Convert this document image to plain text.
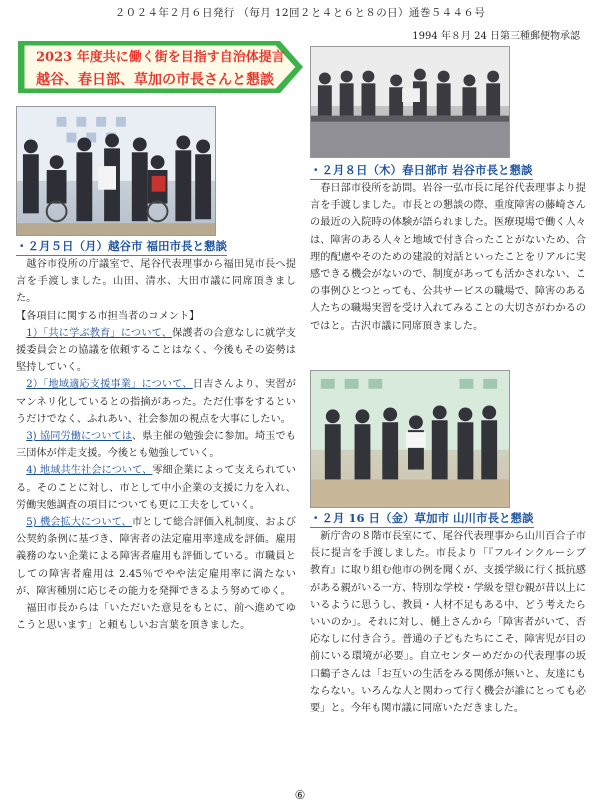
２０２４年２月６日発行 （毎月 12回２と４と６と８の日）通巻５４４６号
1994 年８月 24 日第三種郵便物承認
2023 年度共に働く街を目指す自治体提言
越谷、春日部、草加の市長さんと懇談
・２月５日（月）越谷市 福田市長と懇談

越谷市役所の庁議室で、尾谷代表理事から福田晃市長へ提言を手渡しました。山田、清水、大田市議に同席頂きました。

【各項目に関する市担当者のコメント】

1）「共に学ぶ教育」について、保護者の合意なしに就学支援委員会との協議を依頼することはなく、今後もその姿勢は堅持していく。

2）「地域適応支援事業」について、日吉さんより、実習がマンネリ化しているとの指摘があった。ただ仕事をするというだけでなく、ふれあい、社会参加の視点を大事にしたい。

3) 協同労働については、県主催の勉強会に参加。埼玉でも三団体が伴走支援。今後とも勉強していく。

4) 地域共生社会について、零細企業によって支えられている。そのことに対し、市として中小企業の支援に力を入れ、労働実態調査の項目についても更に工夫をしていく。

5) 機会拡大について、市として総合評価入札制度、および公契約条例に基づき、障害者の法定雇用率達成を評価。雇用義務のない企業による障害者雇用も評価している。市職員としての障害者雇用は 2.45％でやや法定雇用率に満たないが、障害種別に応じその能力を発揮できるよう努めてゆく。

福田市長からは「いただいた意見をもとに、前へ進めてゆこうと思います」と頼もしいお言葉を頂きました。

・２月８日（木）春日部市 岩谷市長と懇談

春日部市役所を訪問。岩谷一弘市長に尾谷代表理事より提言を手渡しました。市長との懇談の際、重度障害の藤崎さんの最近の入院時の体験が語られました。医療現場で働く人々は、障害のある人々と地域で付き合ったことがないため、合理的配慮やそのための建設的対話といったことをリアルに実感できる機会がないので、制度があっても活かされない、この事例ひとつとっても、公共サービスの職場で、障害のある人たちの職場実習を受け入れてみることの大切さがわかるのではと。古沢市議に同席頂きました。

・２月 16 日（金）草加市 山川市長と懇談

新庁舎の８階市長室にて、尾谷代表理事から山川百合子市長に提言を手渡しました。市長より「『フルインクルーシブ教育』に取り組む他市の例を聞くが、支援学級に行く抵抗感がある親がいる一方、特別な学校・学級を望む親が昔以上にいるように思うし、教員・人材不足もある中、どう考えたらいいのか」。それに対し、樋上さんから「障害者がいて、否応なしに付き合う。普通の子どもたちにこそ、障害児が目の前にいる環境が必要」。自立センターめだかの代表理事の坂口鶴子さんは「お互いの生活をみる関係が無いと、友達にもならない。いろんな人と関わって行く機会が誰にとっても必要」と。今年も関市議に同席いただきました。

⑥
